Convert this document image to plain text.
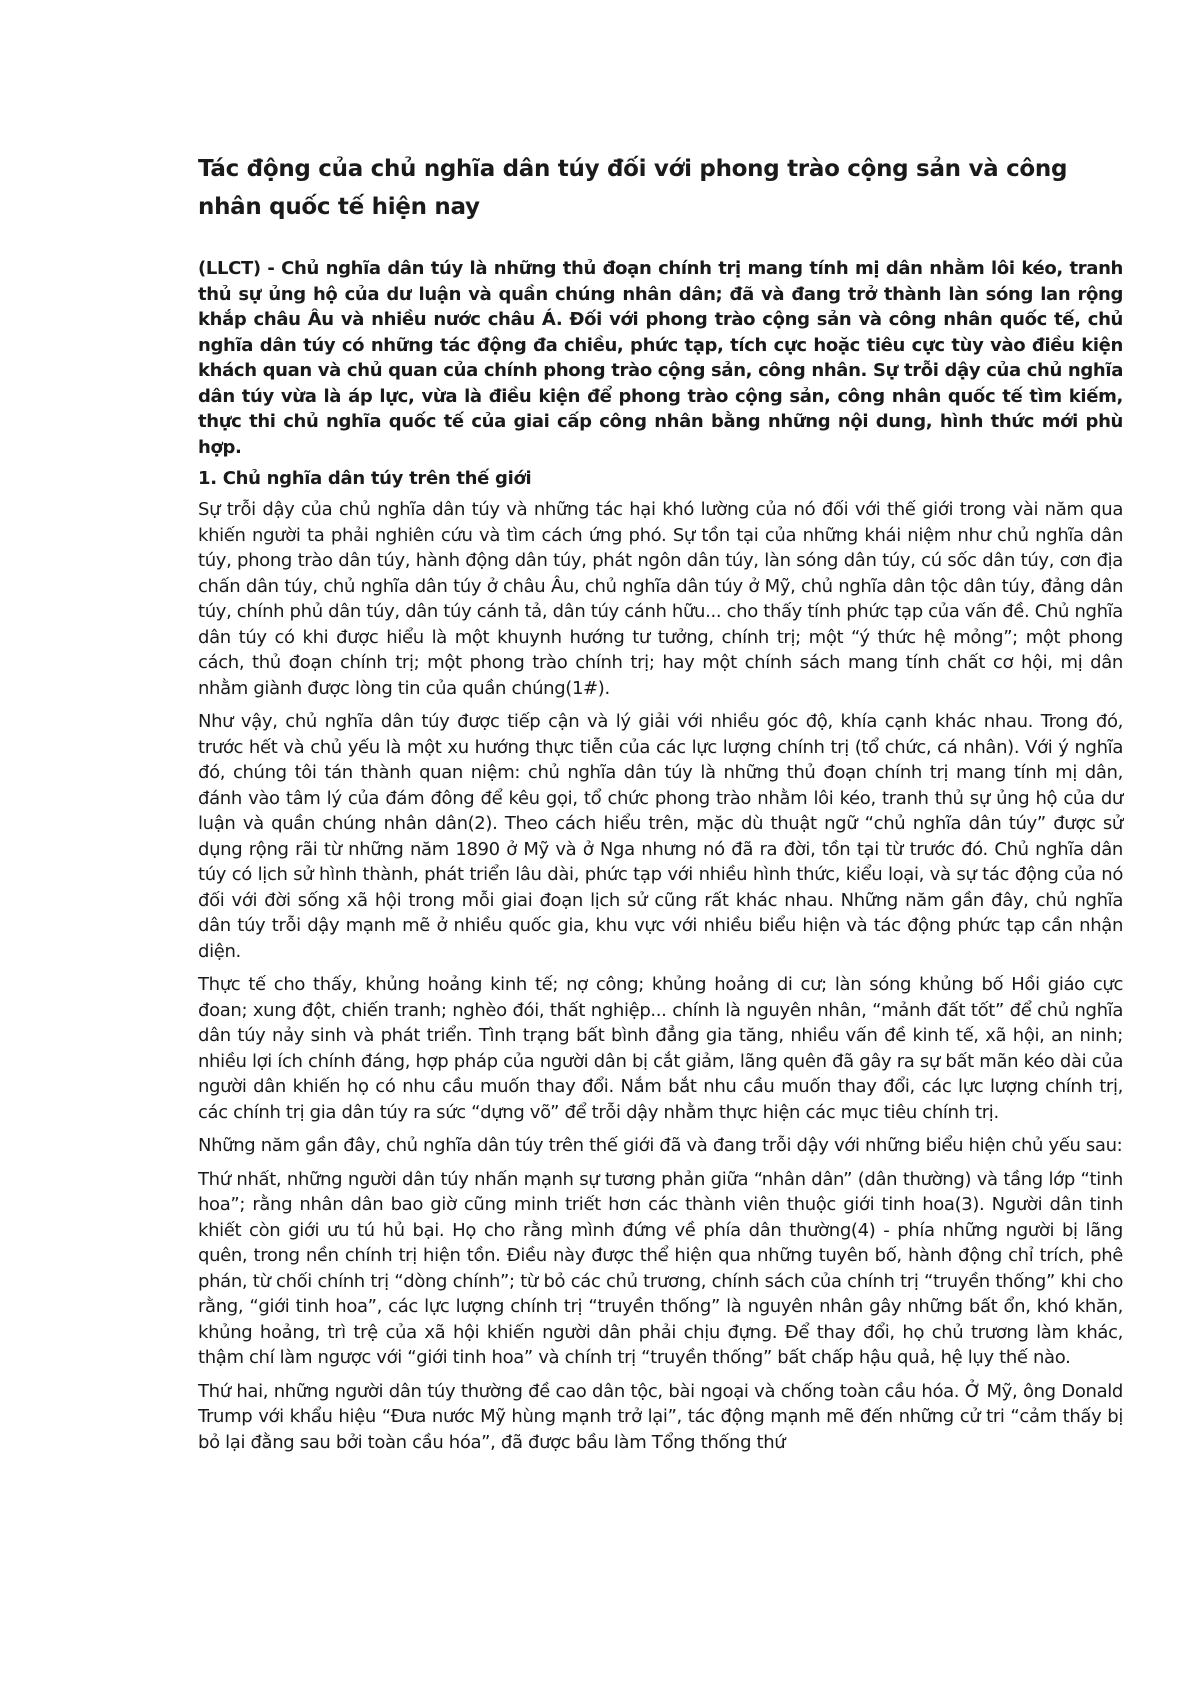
Tác động của chủ nghĩa dân túy đối với phong trào cộng sản và công nhân quốc tế hiện nay

(LLCT) - Chủ nghĩa dân túy là những thủ đoạn chính trị mang tính mị dân nhằm lôi kéo, tranh thủ sự ủng hộ của dư luận và quần chúng nhân dân; đã và đang trở thành làn sóng lan rộng khắp châu Âu và nhiều nước châu Á. Đối với phong trào cộng sản và công nhân quốc tế, chủ nghĩa dân túy có những tác động đa chiều, phức tạp, tích cực hoặc tiêu cực tùy vào điều kiện khách quan và chủ quan của chính phong trào cộng sản, công nhân. Sự trỗi dậy của chủ nghĩa dân túy vừa là áp lực, vừa là điều kiện để phong trào cộng sản, công nhân quốc tế tìm kiếm, thực thi chủ nghĩa quốc tế của giai cấp công nhân bằng những nội dung, hình thức mới phù hợp.

1. Chủ nghĩa dân túy trên thế giới

Sự trỗi dậy của chủ nghĩa dân túy và những tác hại khó lường của nó đối với thế giới trong vài năm qua khiến người ta phải nghiên cứu và tìm cách ứng phó. Sự tồn tại của những khái niệm như chủ nghĩa dân túy, phong trào dân túy, hành động dân túy, phát ngôn dân túy, làn sóng dân túy, cú sốc dân túy, cơn địa chấn dân túy, chủ nghĩa dân túy ở châu Âu, chủ nghĩa dân túy ở Mỹ, chủ nghĩa dân tộc dân túy, đảng dân túy, chính phủ dân túy, dân túy cánh tả, dân túy cánh hữu... cho thấy tính phức tạp của vấn đề. Chủ nghĩa dân túy có khi được hiểu là một khuynh hướng tư tưởng, chính trị; một “ý thức hệ mỏng”; một phong cách, thủ đoạn chính trị; một phong trào chính trị; hay một chính sách mang tính chất cơ hội, mị dân nhằm giành được lòng tin của quần chúng(1#).

Như vậy, chủ nghĩa dân túy được tiếp cận và lý giải với nhiều góc độ, khía cạnh khác nhau. Trong đó, trước hết và chủ yếu là một xu hướng thực tiễn của các lực lượng chính trị (tổ chức, cá nhân). Với ý nghĩa đó, chúng tôi tán thành quan niệm: chủ nghĩa dân túy là những thủ đoạn chính trị mang tính mị dân, đánh vào tâm lý của đám đông để kêu gọi, tổ chức phong trào nhằm lôi kéo, tranh thủ sự ủng hộ của dư luận và quần chúng nhân dân(2). Theo cách hiểu trên, mặc dù thuật ngữ “chủ nghĩa dân túy” được sử dụng rộng rãi từ những năm 1890 ở Mỹ và ở Nga nhưng nó đã ra đời, tồn tại từ trước đó. Chủ nghĩa dân túy có lịch sử hình thành, phát triển lâu dài, phức tạp với nhiều hình thức, kiểu loại, và sự tác động của nó đối với đời sống xã hội trong mỗi giai đoạn lịch sử cũng rất khác nhau. Những năm gần đây, chủ nghĩa dân túy trỗi dậy mạnh mẽ ở nhiều quốc gia, khu vực với nhiều biểu hiện và tác động phức tạp cần nhận diện.

Thực tế cho thấy, khủng hoảng kinh tế; nợ công; khủng hoảng di cư; làn sóng khủng bố Hồi giáo cực đoan; xung đột, chiến tranh; nghèo đói, thất nghiệp... chính là nguyên nhân, “mảnh đất tốt” để chủ nghĩa dân túy nảy sinh và phát triển. Tình trạng bất bình đẳng gia tăng, nhiều vấn đề kinh tế, xã hội, an ninh; nhiều lợi ích chính đáng, hợp pháp của người dân bị cắt giảm, lãng quên đã gây ra sự bất mãn kéo dài của người dân khiến họ có nhu cầu muốn thay đổi. Nắm bắt nhu cầu muốn thay đổi, các lực lượng chính trị, các chính trị gia dân túy ra sức “dựng võ” để trỗi dậy nhằm thực hiện các mục tiêu chính trị.

Những năm gần đây, chủ nghĩa dân túy trên thế giới đã và đang trỗi dậy với những biểu hiện chủ yếu sau:

Thứ nhất, những người dân túy nhấn mạnh sự tương phản giữa “nhân dân” (dân thường) và tầng lớp “tinh hoa”; rằng nhân dân bao giờ cũng minh triết hơn các thành viên thuộc giới tinh hoa(3). Người dân tinh khiết còn giới ưu tú hủ bại. Họ cho rằng mình đứng về phía dân thường(4) - phía những người bị lãng quên, trong nền chính trị hiện tồn. Điều này được thể hiện qua những tuyên bố, hành động chỉ trích, phê phán, từ chối chính trị “dòng chính”; từ bỏ các chủ trương, chính sách của chính trị “truyền thống” khi cho rằng, “giới tinh hoa”, các lực lượng chính trị “truyền thống” là nguyên nhân gây những bất ổn, khó khăn, khủng hoảng, trì trệ của xã hội khiến người dân phải chịu đựng. Để thay đổi, họ chủ trương làm khác, thậm chí làm ngược với “giới tinh hoa” và chính trị “truyền thống” bất chấp hậu quả, hệ lụy thế nào.

Thứ hai, những người dân túy thường đề cao dân tộc, bài ngoại và chống toàn cầu hóa. Ở Mỹ, ông Donald Trump với khẩu hiệu “Đưa nước Mỹ hùng mạnh trở lại”, tác động mạnh mẽ đến những cử tri “cảm thấy bị bỏ lại đằng sau bởi toàn cầu hóa”, đã được bầu làm Tổng thống thứ
